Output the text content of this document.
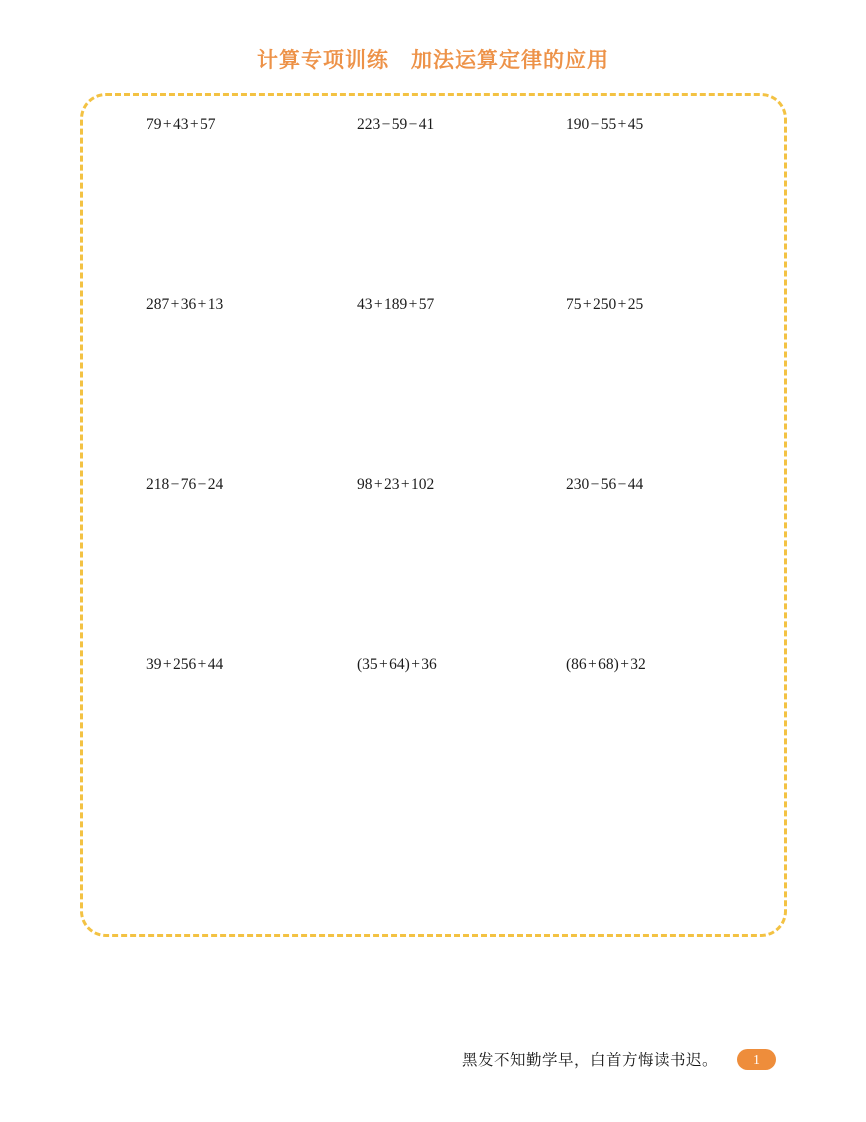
计算专项训练　加法运算定律的应用
79 + 43 + 57	223 − 59 − 41	190 − 55 + 45
287 + 36 + 13	43 + 189 + 57	75 + 250 + 25
218 − 76 − 24	98 + 23 + 102	230 − 56 − 44
39 + 256 + 44	(35 + 64) + 36	(86 + 68) + 32
黑发不知勤学早，白首方悔读书迟。	1
